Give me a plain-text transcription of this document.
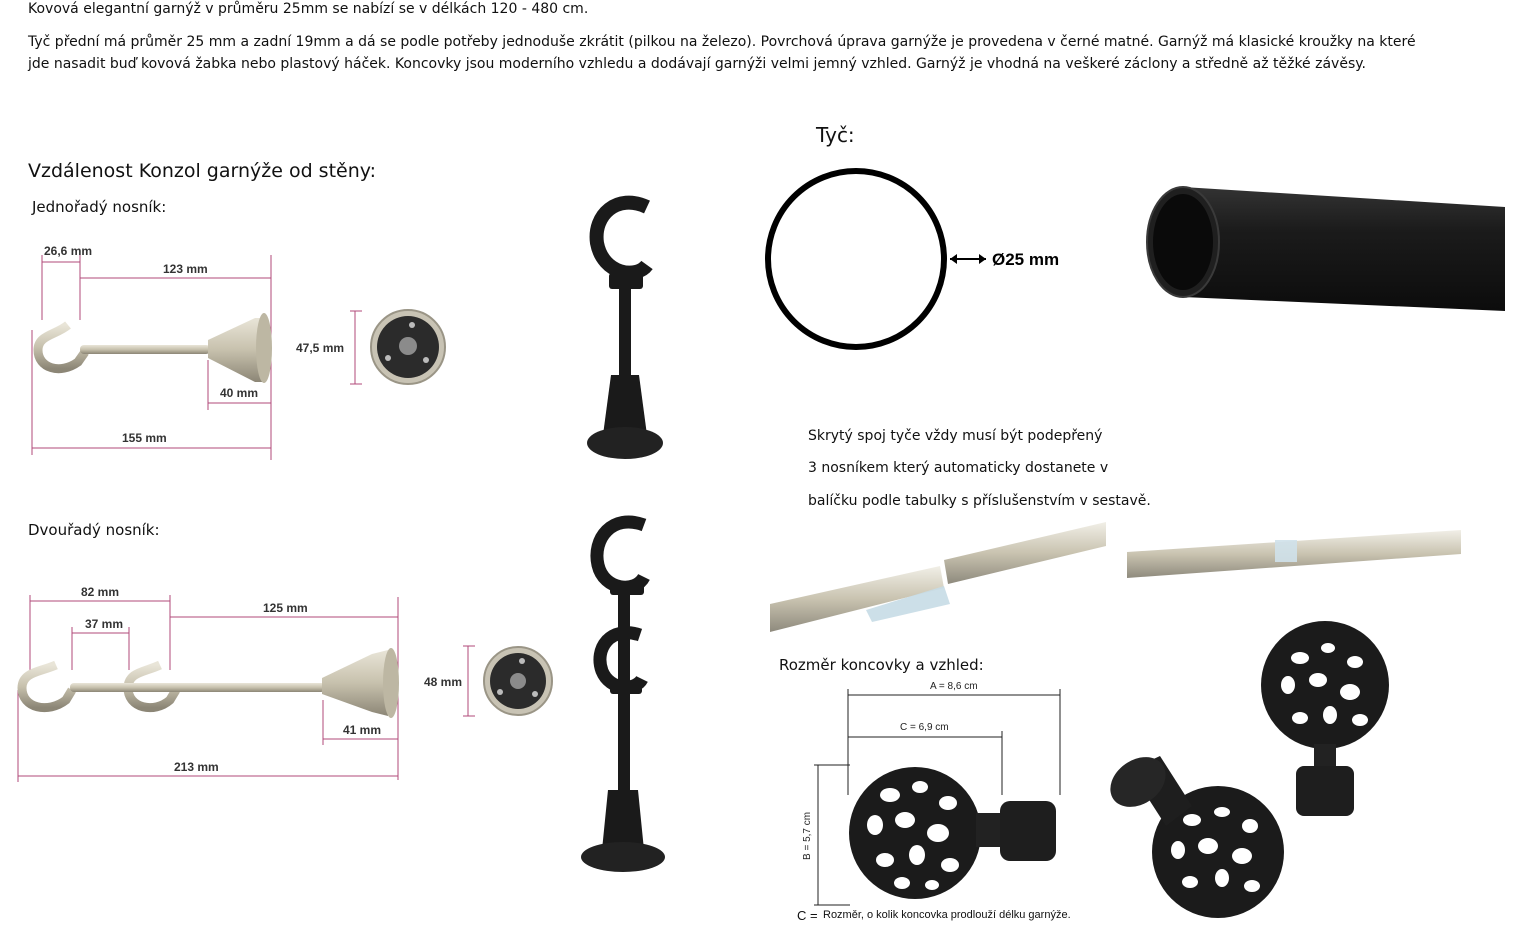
Kovová elegantní garnýž v průměru 25mm se nabízí se v délkách 120 - 480 cm.
Tyč přední má průměr 25 mm a zadní 19mm a dá se podle potřeby jednoduše zkrátit (pilkou na železo). Povrchová úprava garnýže je provedena v černé matné. Garnýž má klasické kroužky na které jde nasadit buď kovová žabka nebo plastový háček. Koncovky jsou moderního vzhledu a dodávají garnýži velmi jemný vzhled. Garnýž je vhodná na veškeré záclony a středně až těžké závěsy.
Vzdálenost Konzol garnýže od stěny:
Jednořadý nosník:
Dvouřadý nosník:
26,6 mm
123 mm
40 mm
155 mm
47,5 mm
82 mm
37 mm
125 mm
41 mm
213 mm
48 mm
Tyč:
Ø25 mm
Skrytý spoj tyče vždy musí být podepřený
3 nosníkem který automaticky dostanete v
balíčku podle tabulky s příslušenstvím v sestavě.
Rozměr koncovky a vzhled:
A = 8,6 cm
C = 6,9 cm
B = 5,7 cm
C = Rozměr, o kolik koncovka prodlouží délku garnýže.
